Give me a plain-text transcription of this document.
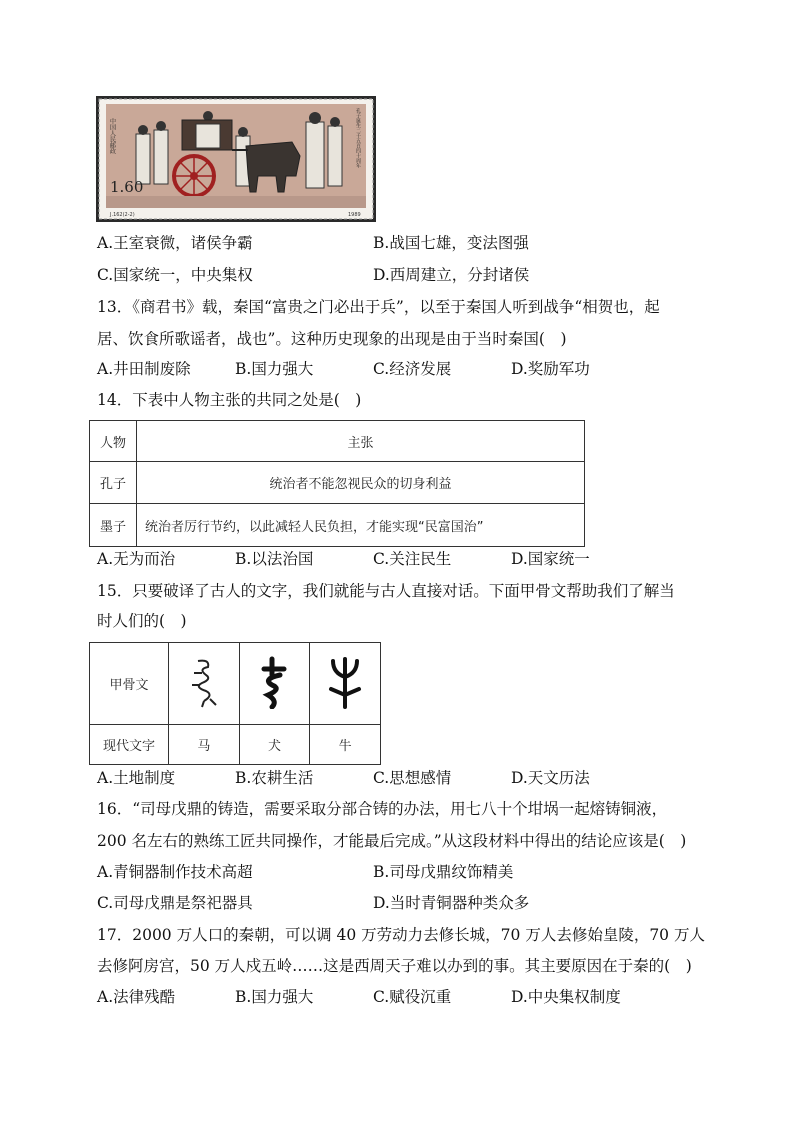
1.60
J.162(2-2)	1989
中国人民邮政	孔子诞生二千五百四十周年
A.王室衰微，诸侯争霸	B.战国七雄，变法图强
C.国家统一，中央集权	D.西周建立，分封诸侯
13．《商君书》载，秦国“富贵之门必出于兵”，以至于秦国人听到战争“相贺也，起
居、饮食所歌谣者，战也”。这种历史现象的出现是由于当时秦国(　)
A.井田制废除	B.国力强大	C.经济发展	D.奖励军功
14．下表中人物主张的共同之处是(　)
人物	主张
孔子	统治者不能忽视民众的切身利益
墨子	统治者厉行节约，以此减轻人民负担，才能实现“民富国治”
A.无为而治	B.以法治国	C.关注民生	D.国家统一
15．只要破译了古人的文字，我们就能与古人直接对话。下面甲骨文帮助我们了解当
时人们的(　)
甲骨文			
现代文字	马	犬	牛
A.土地制度	B.农耕生活	C.思想感情	D.天文历法
16．“司母戊鼎的铸造，需要采取分部合铸的办法，用七八十个坩埚一起熔铸铜液，
200 名左右的熟练工匠共同操作，才能最后完成。”从这段材料中得出的结论应该是(　)
A.青铜器制作技术高超	B.司母戊鼎纹饰精美
C.司母戊鼎是祭祀器具	D.当时青铜器种类众多
17．2000 万人口的秦朝，可以调 40 万劳动力去修长城，70 万人去修始皇陵，70 万人
去修阿房宫，50 万人戍五岭……这是西周天子难以办到的事。其主要原因在于秦的(　)
A.法律残酷	B.国力强大	C.赋役沉重	D.中央集权制度
